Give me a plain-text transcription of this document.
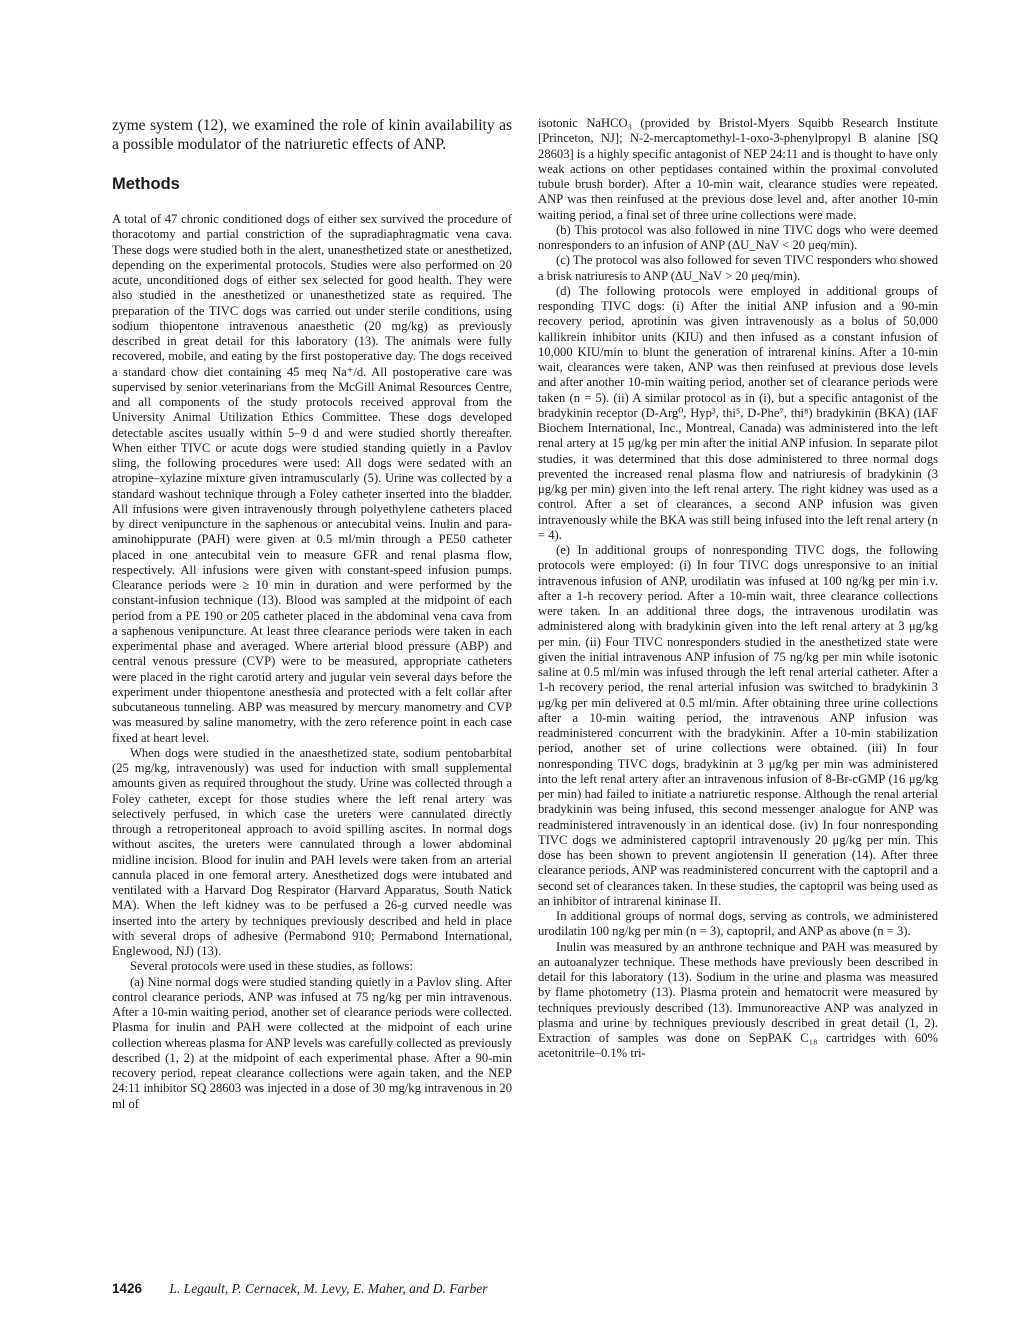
zyme system (12), we examined the role of kinin availability as a possible modulator of the natriuretic effects of ANP.

Methods

A total of 47 chronic conditioned dogs of either sex survived the procedure of thoracotomy and partial constriction of the supradiaphragmatic vena cava. These dogs were studied both in the alert, unanesthetized state or anesthetized, depending on the experimental protocols. Studies were also performed on 20 acute, unconditioned dogs of either sex selected for good health. They were also studied in the anesthetized or unanesthetized state as required. The preparation of the TIVC dogs was carried out under sterile conditions, using sodium thiopentone intravenous anaesthetic (20 mg/kg) as previously described in great detail for this laboratory (13). The animals were fully recovered, mobile, and eating by the first postoperative day. The dogs received a standard chow diet containing 45 meq Na⁺/d. All postoperative care was supervised by senior veterinarians from the McGill Animal Resources Centre, and all components of the study protocols received approval from the University Animal Utilization Ethics Committee. These dogs developed detectable ascites usually within 5–9 d and were studied shortly thereafter. When either TIVC or acute dogs were studied standing quietly in a Pavlov sling, the following procedures were used: All dogs were sedated with an atropine–xylazine mixture given intramuscularly (5). Urine was collected by a standard washout technique through a Foley catheter inserted into the bladder. All infusions were given intravenously through polyethylene catheters placed by direct venipuncture in the saphenous or antecubital veins. Inulin and para-aminohippurate (PAH) were given at 0.5 ml/min through a PE50 catheter placed in one antecubital vein to measure GFR and renal plasma flow, respectively. All infusions were given with constant-speed infusion pumps. Clearance periods were ≥ 10 min in duration and were performed by the constant-infusion technique (13). Blood was sampled at the midpoint of each period from a PE 190 or 205 catheter placed in the abdominal vena cava from a saphenous venipuncture. At least three clearance periods were taken in each experimental phase and averaged. Where arterial blood pressure (ABP) and central venous pressure (CVP) were to be measured, appropriate catheters were placed in the right carotid artery and jugular vein several days before the experiment under thiopentone anesthesia and protected with a felt collar after subcutaneous tunneling. ABP was measured by mercury manometry and CVP was measured by saline manometry, with the zero reference point in each case fixed at heart level.

When dogs were studied in the anaesthetized state, sodium pentobarbital (25 mg/kg, intravenously) was used for induction with small supplemental amounts given as required throughout the study. Urine was collected through a Foley catheter, except for those studies where the left renal artery was selectively perfused, in which case the ureters were cannulated directly through a retroperitoneal approach to avoid spilling ascites. In normal dogs without ascites, the ureters were cannulated through a lower abdominal midline incision. Blood for inulin and PAH levels were taken from an arterial cannula placed in one femoral artery. Anesthetized dogs were intubated and ventilated with a Harvard Dog Respirator (Harvard Apparatus, South Natick MA). When the left kidney was to be perfused a 26-g curved needle was inserted into the artery by techniques previously described and held in place with several drops of adhesive (Permabond 910; Permabond International, Englewood, NJ) (13).

Several protocols were used in these studies, as follows:

(a) Nine normal dogs were studied standing quietly in a Pavlov sling. After control clearance periods, ANP was infused at 75 ng/kg per min intravenous. After a 10-min waiting period, another set of clearance periods were collected. Plasma for inulin and PAH were collected at the midpoint of each urine collection whereas plasma for ANP levels was carefully collected as previously described (1, 2) at the midpoint of each experimental phase. After a 90-min recovery period, repeat clearance collections were again taken, and the NEP 24:11 inhibitor SQ 28603 was injected in a dose of 30 mg/kg intravenous in 20 ml of

isotonic NaHCO₃ (provided by Bristol-Myers Squibb Research Institute [Princeton, NJ]; N-2-mercaptomethyl-1-oxo-3-phenylpropyl B alanine [SQ 28603] is a highly specific antagonist of NEP 24:11 and is thought to have only weak actions on other peptidases contained within the proximal convoluted tubule brush border). After a 10-min wait, clearance studies were repeated. ANP was then reinfused at the previous dose level and, after another 10-min waiting period, a final set of three urine collections were made.

(b) This protocol was also followed in nine TIVC dogs who were deemed nonresponders to an infusion of ANP (ΔU_NaV < 20 μeq/min).

(c) The protocol was also followed for seven TIVC responders who showed a brisk natriuresis to ANP (ΔU_NaV > 20 μeq/min).

(d) The following protocols were employed in additional groups of responding TIVC dogs: (i) After the initial ANP infusion and a 90-min recovery period, aprotinin was given intravenously as a bolus of 50,000 kallikrein inhibitor units (KIU) and then infused as a constant infusion of 10,000 KIU/min to blunt the generation of intrarenal kinins. After a 10-min wait, clearances were taken, ANP was then reinfused at previous dose levels and after another 10-min waiting period, another set of clearance periods were taken (n = 5). (ii) A similar protocol as in (i), but a specific antagonist of the bradykinin receptor (D-Arg⁰, Hyp³, thi⁵, D-Phe⁷, thi⁸) bradykinin (BKA) (IAF Biochem International, Inc., Montreal, Canada) was administered into the left renal artery at 15 μg/kg per min after the initial ANP infusion. In separate pilot studies, it was determined that this dose administered to three normal dogs prevented the increased renal plasma flow and natriuresis of bradykinin (3 μg/kg per min) given into the left renal artery. The right kidney was used as a control. After a set of clearances, a second ANP infusion was given intravenously while the BKA was still being infused into the left renal artery (n = 4).

(e) In additional groups of nonresponding TIVC dogs, the following protocols were employed: (i) In four TIVC dogs unresponsive to an initial intravenous infusion of ANP, urodilatin was infused at 100 ng/kg per min i.v. after a 1-h recovery period. After a 10-min wait, three clearance collections were taken. In an additional three dogs, the intravenous urodilatin was administered along with bradykinin given into the left renal artery at 3 μg/kg per min. (ii) Four TIVC nonresponders studied in the anesthetized state were given the initial intravenous ANP infusion of 75 ng/kg per min while isotonic saline at 0.5 ml/min was infused through the left renal arterial catheter. After a 1-h recovery period, the renal arterial infusion was switched to bradykinin 3 μg/kg per min delivered at 0.5 ml/min. After obtaining three urine collections after a 10-min waiting period, the intravenous ANP infusion was readministered concurrent with the bradykinin. After a 10-min stabilization period, another set of urine collections were obtained. (iii) In four nonresponding TIVC dogs, bradykinin at 3 μg/kg per min was administered into the left renal artery after an intravenous infusion of 8-Br-cGMP (16 μg/kg per min) had failed to initiate a natriuretic response. Although the renal arterial bradykinin was being infused, this second messenger analogue for ANP was readministered intravenously in an identical dose. (iv) In four nonresponding TIVC dogs we administered captopril intravenously 20 μg/kg per min. This dose has been shown to prevent angiotensin II generation (14). After three clearance periods, ANP was readministered concurrent with the captopril and a second set of clearances taken. In these studies, the captopril was being used as an inhibitor of intrarenal kininase II.

In additional groups of normal dogs, serving as controls, we administered urodilatin 100 ng/kg per min (n = 3), captopril, and ANP as above (n = 3).

Inulin was measured by an anthrone technique and PAH was measured by an autoanalyzer technique. These methods have previously been described in detail for this laboratory (13). Sodium in the urine and plasma was measured by flame photometry (13). Plasma protein and hematocrit were measured by techniques previously described (13). Immunoreactive ANP was analyzed in plasma and urine by techniques previously described in great detail (1, 2). Extraction of samples was done on SepPAK C₁₈ cartridges with 60% acetonitrile–0.1% tri-

1426 L. Legault, P. Cernacek, M. Levy, E. Maher, and D. Farber
